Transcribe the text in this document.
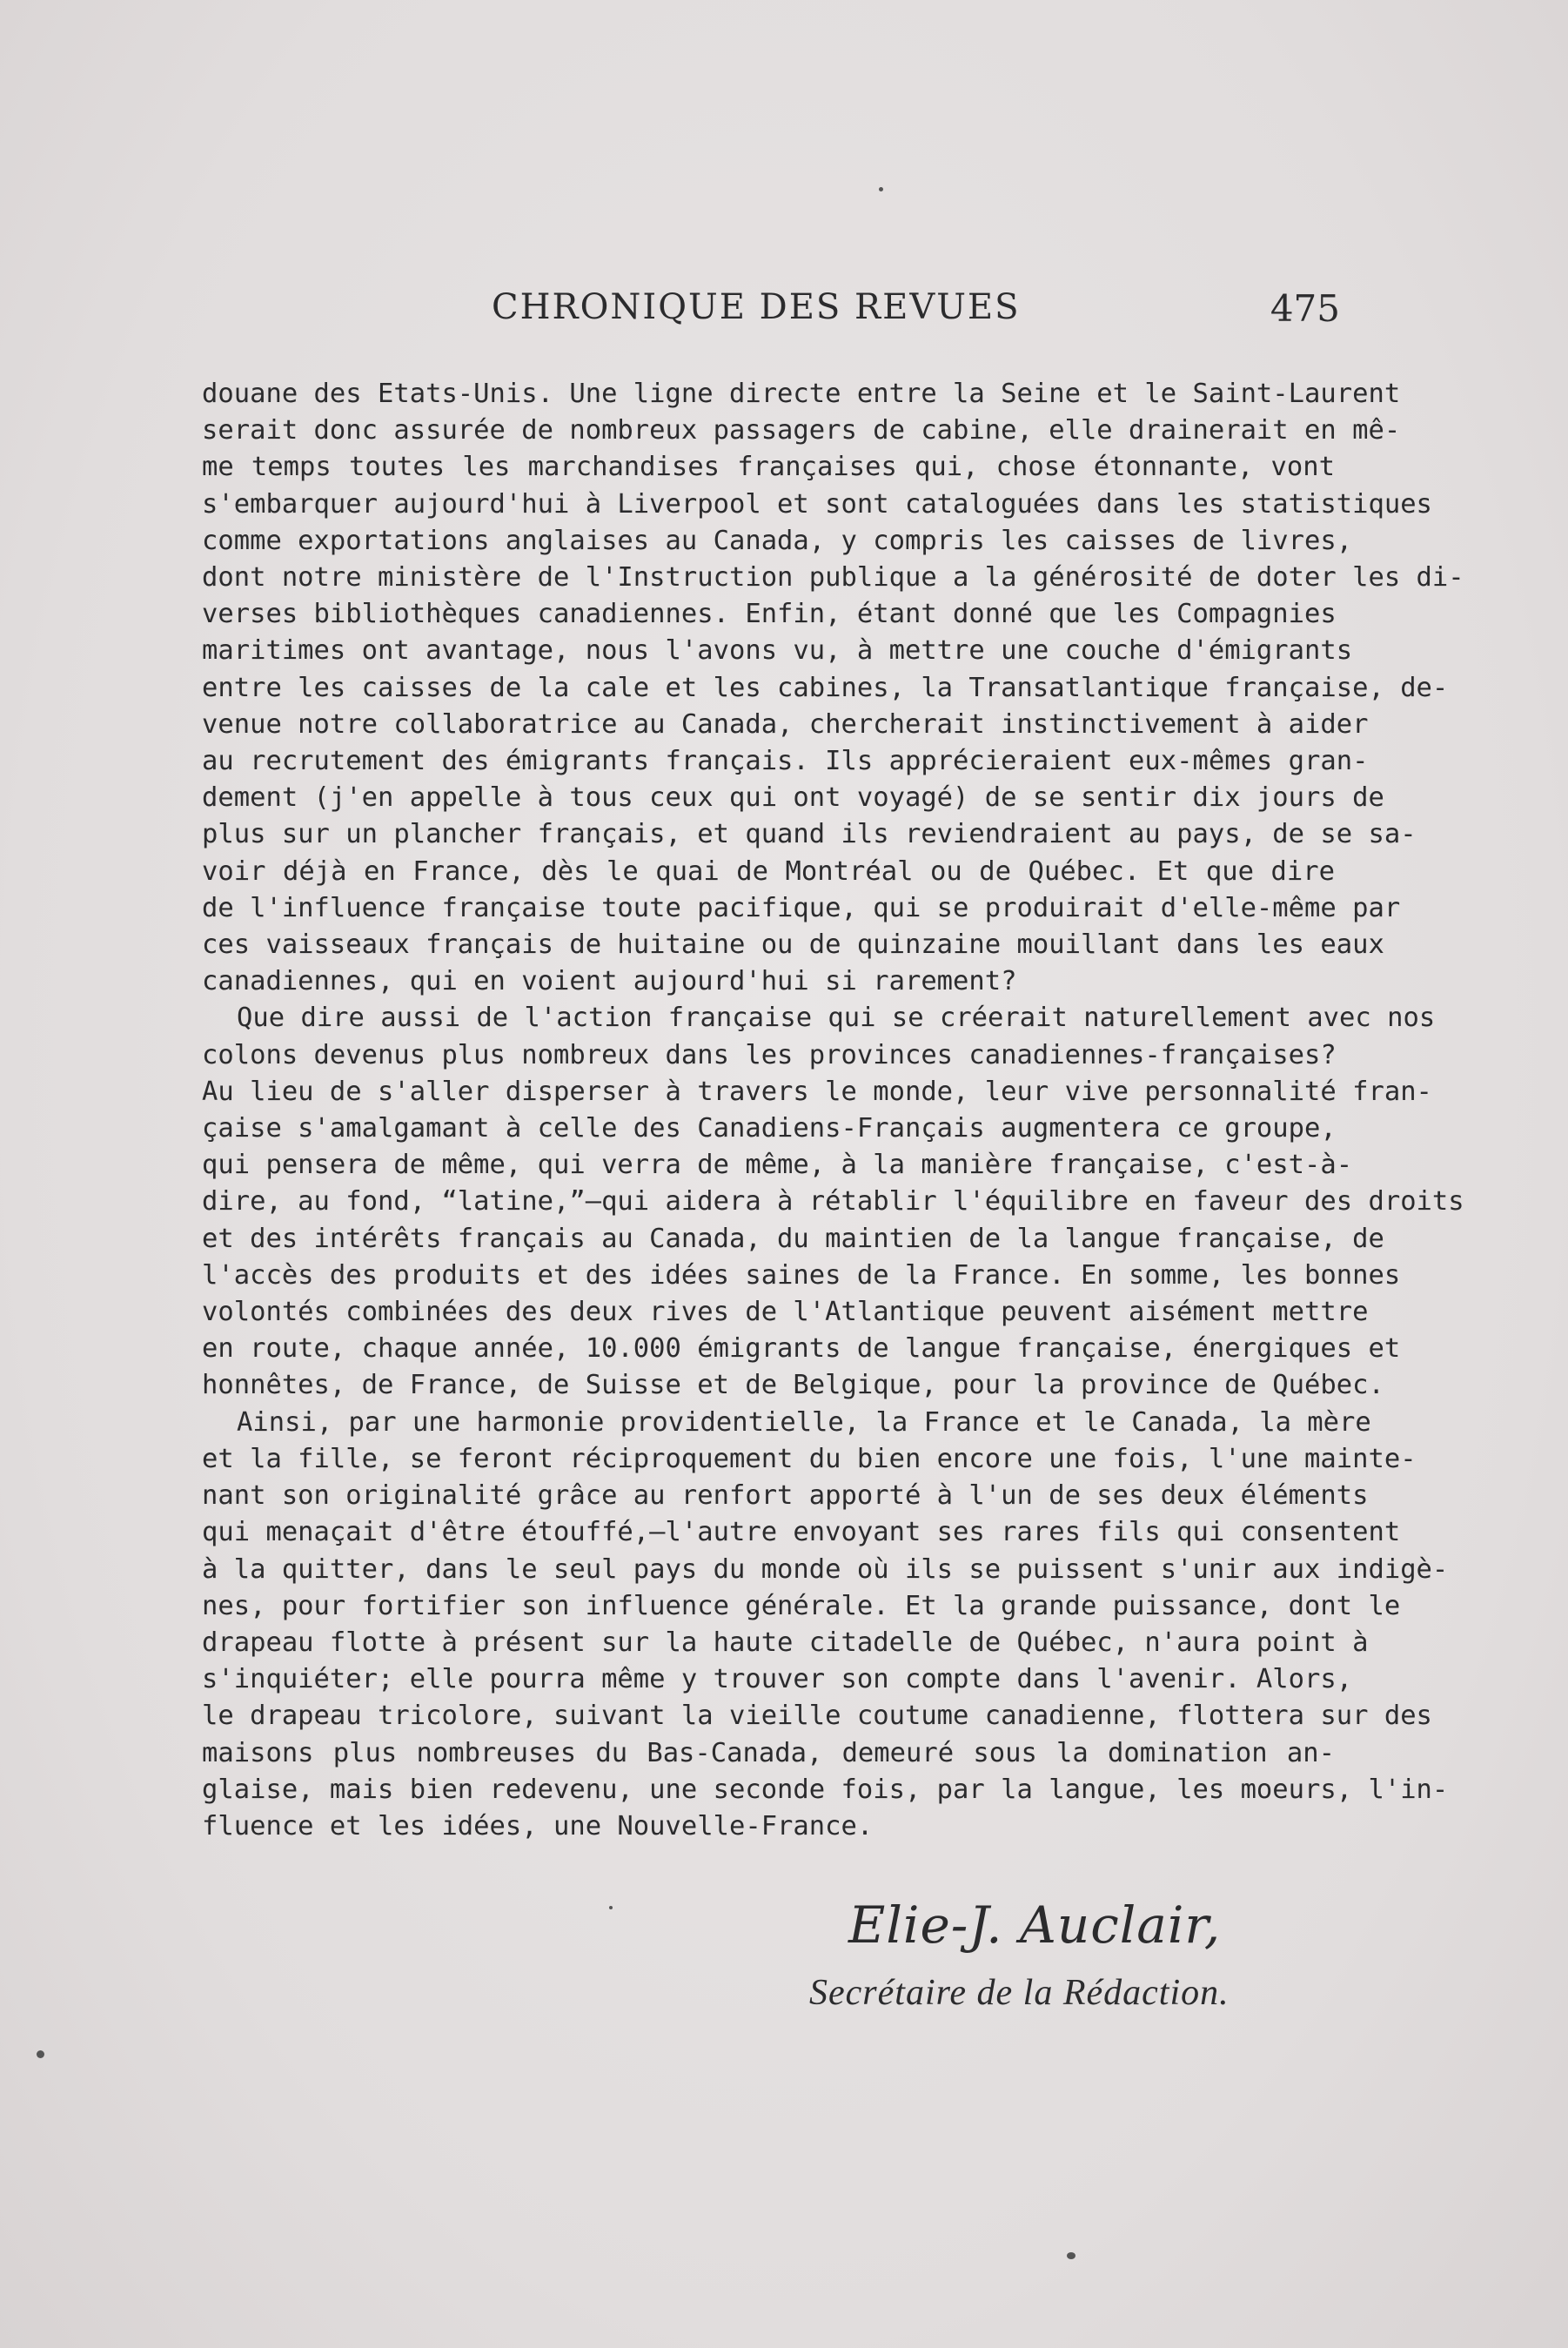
CHRONIQUE DES REVUES	475
douane des Etats-Unis. Une ligne directe entre la Seine et le Saint-Laurent
serait donc assurée de nombreux passagers de cabine, elle drainerait en mê-
me temps toutes les marchandises françaises qui, chose étonnante, vont
s'embarquer aujourd'hui à Liverpool et sont cataloguées dans les statistiques
comme exportations anglaises au Canada, y compris les caisses de livres,
dont notre ministère de l'Instruction publique a la générosité de doter les di-
verses bibliothèques canadiennes. Enfin, étant donné que les Compagnies
maritimes ont avantage, nous l'avons vu, à mettre une couche d'émigrants
entre les caisses de la cale et les cabines, la Transatlantique française, de-
venue notre collaboratrice au Canada, chercherait instinctivement à aider
au recrutement des émigrants français. Ils apprécieraient eux-mêmes gran-
dement (j'en appelle à tous ceux qui ont voyagé) de se sentir dix jours de
plus sur un plancher français, et quand ils reviendraient au pays, de se sa-
voir déjà en France, dès le quai de Montréal ou de Québec. Et que dire
de l'influence française toute pacifique, qui se produirait d'elle-même par
ces vaisseaux français de huitaine ou de quinzaine mouillant dans les eaux
canadiennes, qui en voient aujourd'hui si rarement?
Que dire aussi de l'action française qui se créerait naturellement avec nos
colons devenus plus nombreux dans les provinces canadiennes-françaises?
Au lieu de s'aller disperser à travers le monde, leur vive personnalité fran-
çaise s'amalgamant à celle des Canadiens-Français augmentera ce groupe,
qui pensera de même, qui verra de même, à la manière française, c'est-à-
dire, au fond, “latine,”—qui aidera à rétablir l'équilibre en faveur des droits
et des intérêts français au Canada, du maintien de la langue française, de
l'accès des produits et des idées saines de la France. En somme, les bonnes
volontés combinées des deux rives de l'Atlantique peuvent aisément mettre
en route, chaque année, 10.000 émigrants de langue française, énergiques et
honnêtes, de France, de Suisse et de Belgique, pour la province de Québec.
Ainsi, par une harmonie providentielle, la France et le Canada, la mère
et la fille, se feront réciproquement du bien encore une fois, l'une mainte-
nant son originalité grâce au renfort apporté à l'un de ses deux éléments
qui menaçait d'être étouffé,—l'autre envoyant ses rares fils qui consentent
à la quitter, dans le seul pays du monde où ils se puissent s'unir aux indigè-
nes, pour fortifier son influence générale. Et la grande puissance, dont le
drapeau flotte à présent sur la haute citadelle de Québec, n'aura point à
s'inquiéter; elle pourra même y trouver son compte dans l'avenir. Alors,
le drapeau tricolore, suivant la vieille coutume canadienne, flottera sur des
maisons plus nombreuses du Bas-Canada, demeuré sous la domination an-
glaise, mais bien redevenu, une seconde fois, par la langue, les moeurs, l'in-
fluence et les idées, une Nouvelle-France.
Elie-J. Auclair,
Secrétaire de la Rédaction.
